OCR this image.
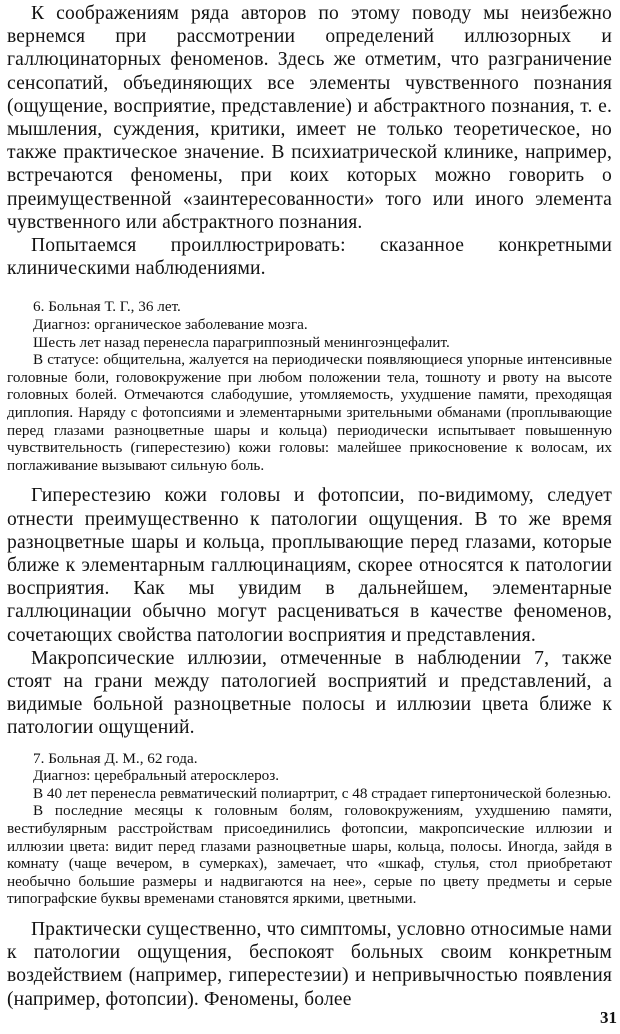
К соображениям ряда авторов по этому поводу мы неизбежно вернемся при рассмотрении определений иллюзорных и галлюцинаторных феноменов. Здесь же отметим, что разграничение сенсопатий, объединяющих все элементы чувственного познания (ощущение, восприятие, представление) и абстрактного познания, т. е. мышления, суждения, критики, имеет не только теоретическое, но также практическое значение. В психиатрической клинике, например, встречаются феномены, при коих которых можно говорить о преимущественной «заинтересованности» того или иного элемента чувственного или абстрактного познания.

Попытаемся проиллюстрировать: сказанное конкретными клиническими наблюдениями.

6. Больная Т. Г., 36 лет.

Диагноз: органическое заболевание мозга.

Шесть лет назад перенесла парагриппозный менингоэнцефалит.

В статусе: общительна, жалуется на периодически появляющиеся упорные интенсивные головные боли, головокружение при любом положении тела, тошноту и рвоту на высоте головных болей. Отмечаются слабодушие, утомляемость, ухудшение памяти, преходящая диплопия. Наряду с фотопсиями и элементарными зрительными обманами (проплывающие перед глазами разноцветные шары и кольца) периодически испытывает повышенную чувствительность (гиперестезию) кожи головы: малейшее прикосновение к волосам, их поглаживание вызывают сильную боль.

Гиперестезию кожи головы и фотопсии, по-видимому, следует отнести преимущественно к патологии ощущения. В то же время разноцветные шары и кольца, проплывающие перед глазами, которые ближе к элементарным галлюцинациям, скорее относятся к патологии восприятия. Как мы увидим в дальнейшем, элементарные галлюцинации обычно могут расцениваться в качестве феноменов, сочетающих свойства патологии восприятия и представления.

Макропсические иллюзии, отмеченные в наблюдении 7, также стоят на грани между патологией восприятий и представлений, а видимые больной разноцветные полосы и иллюзии цвета ближе к патологии ощущений.

7. Больная Д. М., 62 года.

Диагноз: церебральный атеросклероз.

В 40 лет перенесла ревматический полиартрит, с 48 страдает гипертонической болезнью.

В последние месяцы к головным болям, головокружениям, ухудшению памяти, вестибулярным расстройствам присоединились фотопсии, макропсические иллюзии и иллюзии цвета: видит перед глазами разноцветные шары, кольца, полосы. Иногда, зайдя в комнату (чаще вечером, в сумерках), замечает, что «шкаф, стулья, стол приобретают необычно большие размеры и надвигаются на нее», серые по цвету предметы и серые типографские буквы временами становятся яркими, цветными.

Практически существенно, что симптомы, условно относимые нами к патологии ощущения, беспокоят больных своим конкретным воздействием (например, гиперестезии) и непривычностью появления (например, фотопсии). Феномены, более

31
